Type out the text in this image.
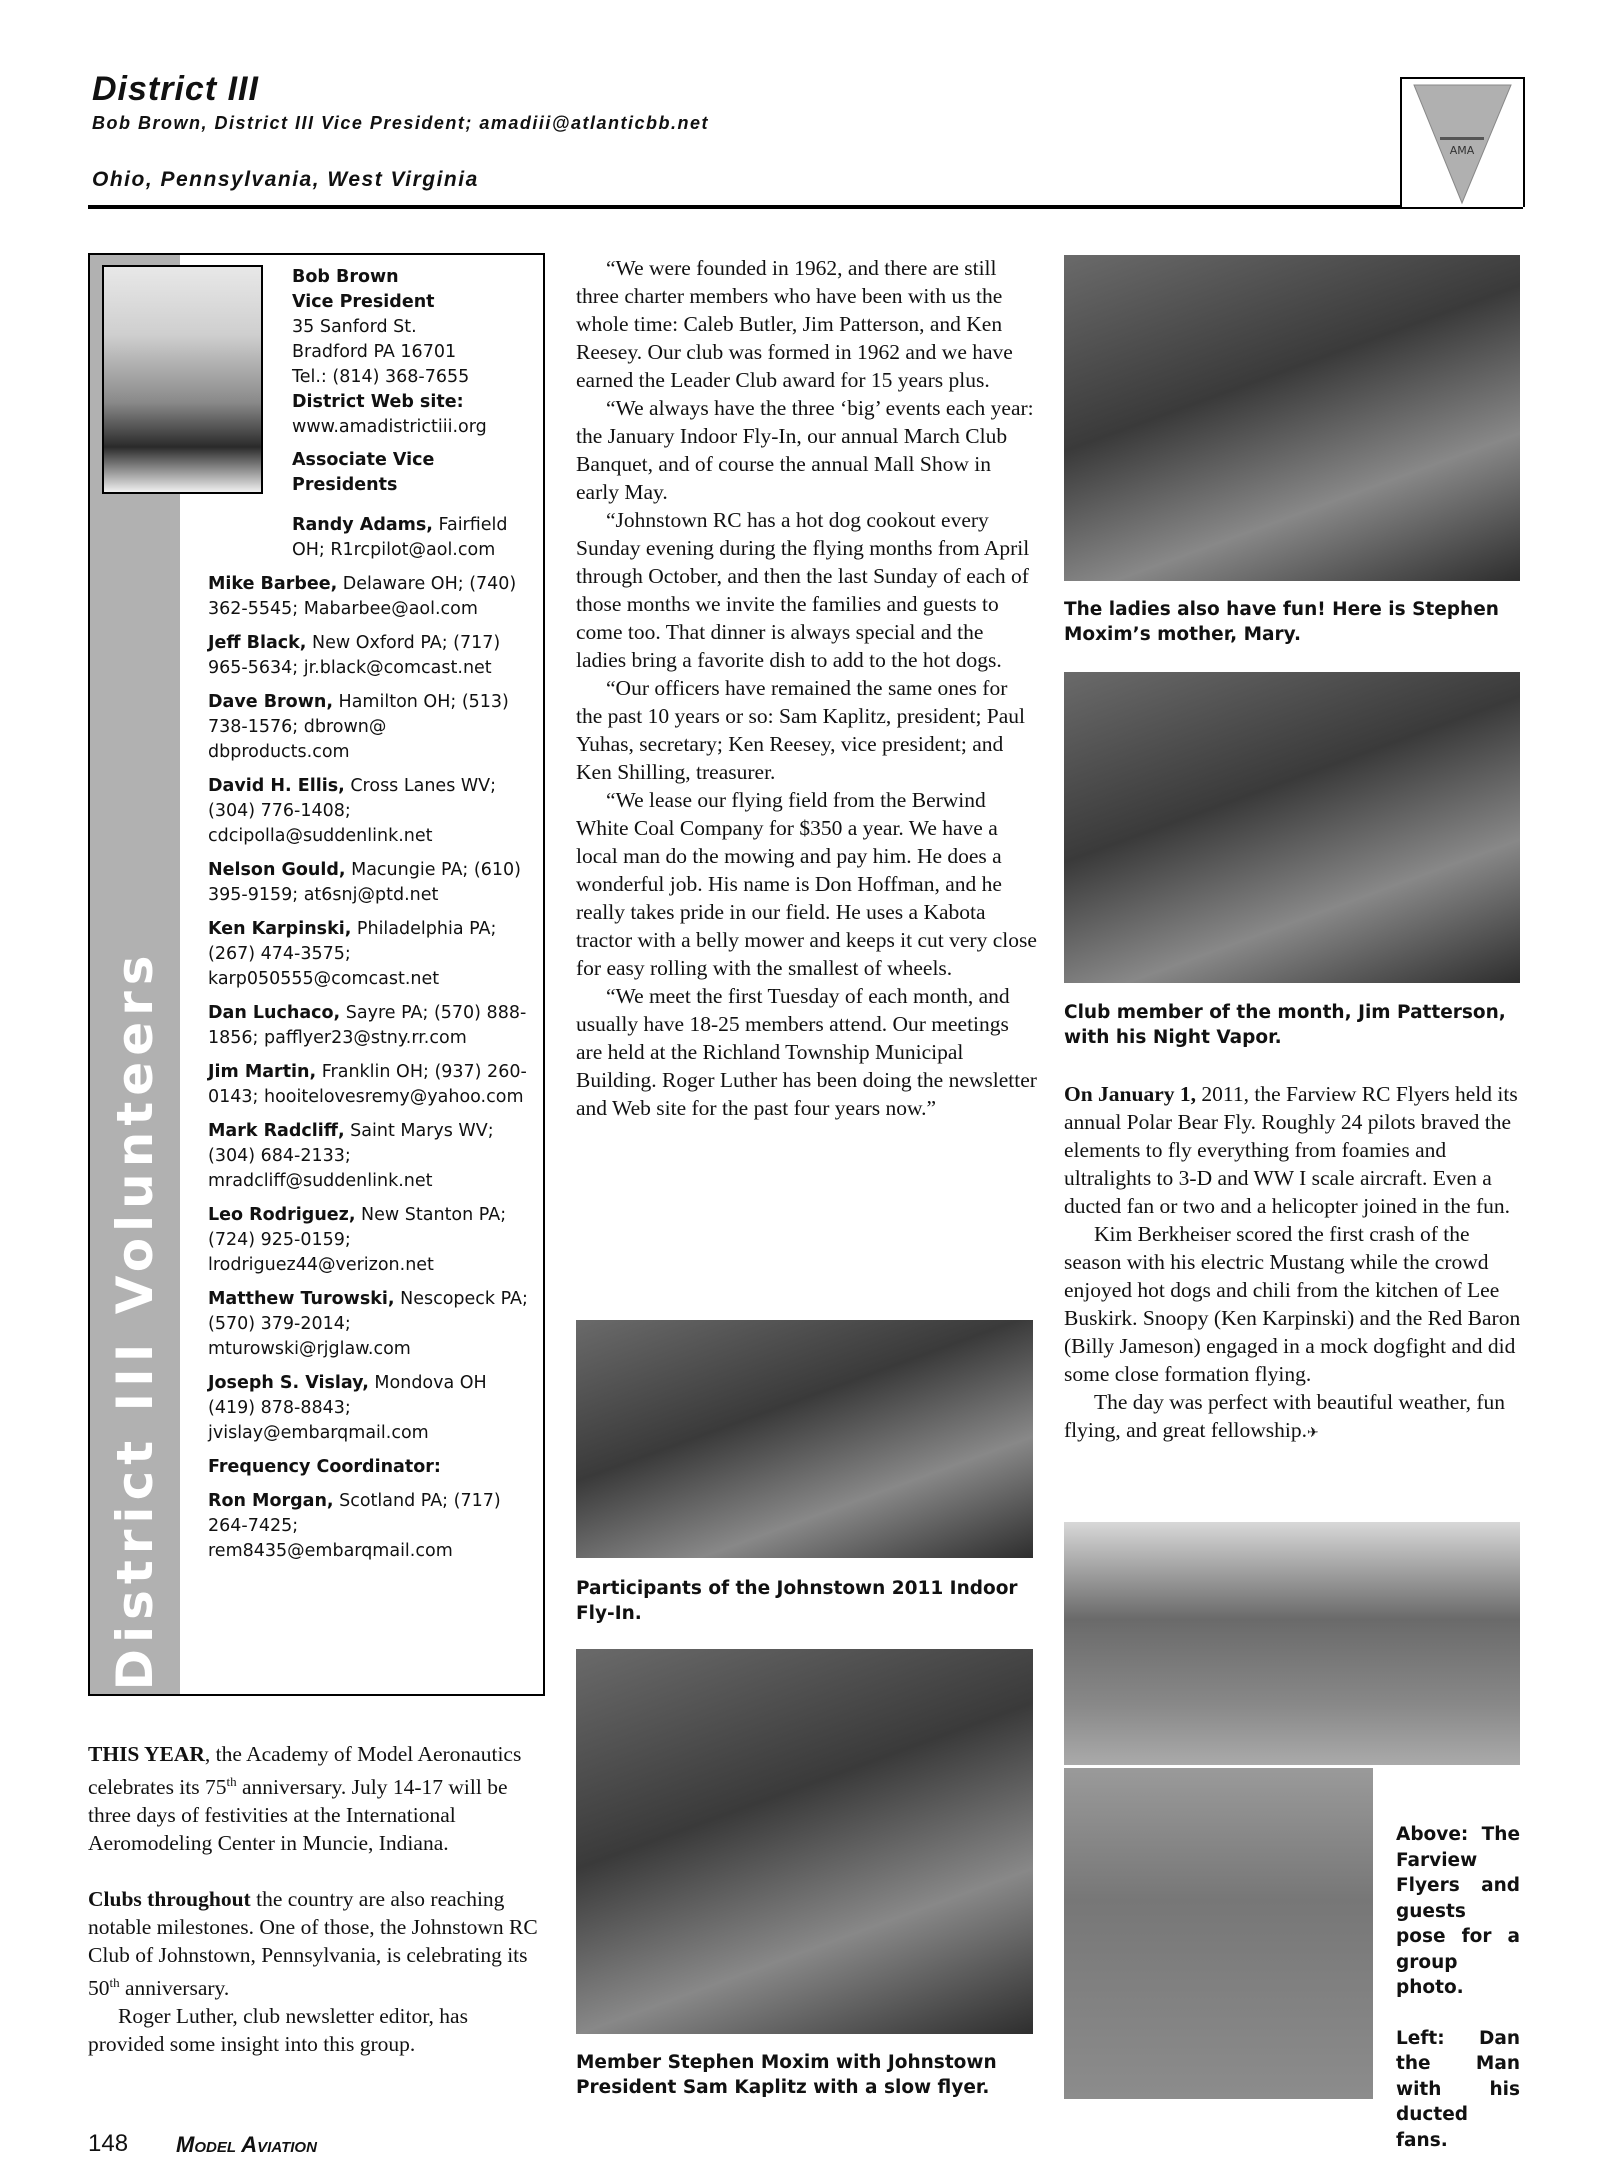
District III
Bob Brown, District III Vice President; amadiii@atlanticbb.net
Ohio, Pennsylvania, West Virginia
AMA
District III Volunteers
Bob Brown
Vice President
35 Sanford St.
Bradford PA 16701
Tel.: (814) 368-7655
District Web site:
www.amadistrictiii.org
Associate Vice Presidents
Randy Adams, Fairfield OH; R1rcpilot@aol.com
Mike Barbee, Delaware OH; (740) 362-5545; Mabarbee@aol.com
Jeff Black, New Oxford PA; (717) 965-5634; jr.black@comcast.net
Dave Brown, Hamilton OH; (513) 738-1576; dbrown@ dbproducts.com
David H. Ellis, Cross Lanes WV; (304) 776-1408; cdcipolla@suddenlink.net
Nelson Gould, Macungie PA; (610) 395-9159; at6snj@ptd.net
Ken Karpinski, Philadelphia PA; (267) 474-3575; karp050555@comcast.net
Dan Luchaco, Sayre PA; (570) 888-1856; pafflyer23@stny.rr.com
Jim Martin, Franklin OH; (937) 260-0143; hooitelovesremy@yahoo.com
Mark Radcliff, Saint Marys WV; (304) 684-2133; mradcliff@suddenlink.net
Leo Rodriguez, New Stanton PA; (724) 925-0159; lrodriguez44@verizon.net
Matthew Turowski, Nescopeck PA; (570) 379-2014; mturowski@rjglaw.com
Joseph S. Vislay, Mondova OH (419) 878-8843; jvislay@embarqmail.com
Frequency Coordinator:
Ron Morgan, Scotland PA; (717) 264-7425; rem8435@embarqmail.com

THIS YEAR, the Academy of Model Aeronautics celebrates its 75th anniversary. July 14-17 will be three days of festivities at the International Aeromodeling Center in Muncie, Indiana.

Clubs throughout the country are also reaching notable milestones. One of those, the Johnstown RC Club of Johnstown, Pennsylvania, is celebrating its 50th anniversary.

Roger Luther, club newsletter editor, has provided some insight into this group.

“We were founded in 1962, and there are still three charter members who have been with us the whole time: Caleb Butler, Jim Patterson, and Ken Reesey. Our club was formed in 1962 and we have earned the Leader Club award for 15 years plus.

“We always have the three ‘big’ events each year: the January Indoor Fly-In, our annual March Club Banquet, and of course the annual Mall Show in early May.

“Johnstown RC has a hot dog cookout every Sunday evening during the flying months from April through October, and then the last Sunday of each of those months we invite the families and guests to come too. That dinner is always special and the ladies bring a favorite dish to add to the hot dogs.

“Our officers have remained the same ones for the past 10 years or so: Sam Kaplitz, president; Paul Yuhas, secretary; Ken Reesey, vice president; and Ken Shilling, treasurer.

“We lease our flying field from the Berwind White Coal Company for $350 a year. We have a local man do the mowing and pay him. He does a wonderful job. His name is Don Hoffman, and he really takes pride in our field. He uses a Kabota tractor with a belly mower and keeps it cut very close for easy rolling with the smallest of wheels.

“We meet the first Tuesday of each month, and usually have 18-25 members attend. Our meetings are held at the Richland Township Municipal Building. Roger Luther has been doing the newsletter and Web site for the past four years now.”

Participants of the Johnstown 2011 Indoor Fly-In.
Member Stephen Moxim with Johnstown President Sam Kaplitz with a slow flyer.
The ladies also have fun! Here is Stephen Moxim’s mother, Mary.
Club member of the month, Jim Patterson, with his Night Vapor.

On January 1, 2011, the Farview RC Flyers held its annual Polar Bear Fly. Roughly 24 pilots braved the elements to fly everything from foamies and ultralights to 3-D and WW I scale aircraft. Even a ducted fan or two and a helicopter joined in the fun.

Kim Berkheiser scored the first crash of the season with his electric Mustang while the crowd enjoyed hot dogs and chili from the kitchen of Lee Buskirk. Snoopy (Ken Karpinski) and the Red Baron (Billy Jameson) engaged in a mock dogfight and did some close formation flying.

The day was perfect with beautiful weather, fun flying, and great fellowship.✈

Above: The Farview Flyers and guests pose for a group photo.
Left: Dan the Man with his ducted fans.
148 Model Aviation
